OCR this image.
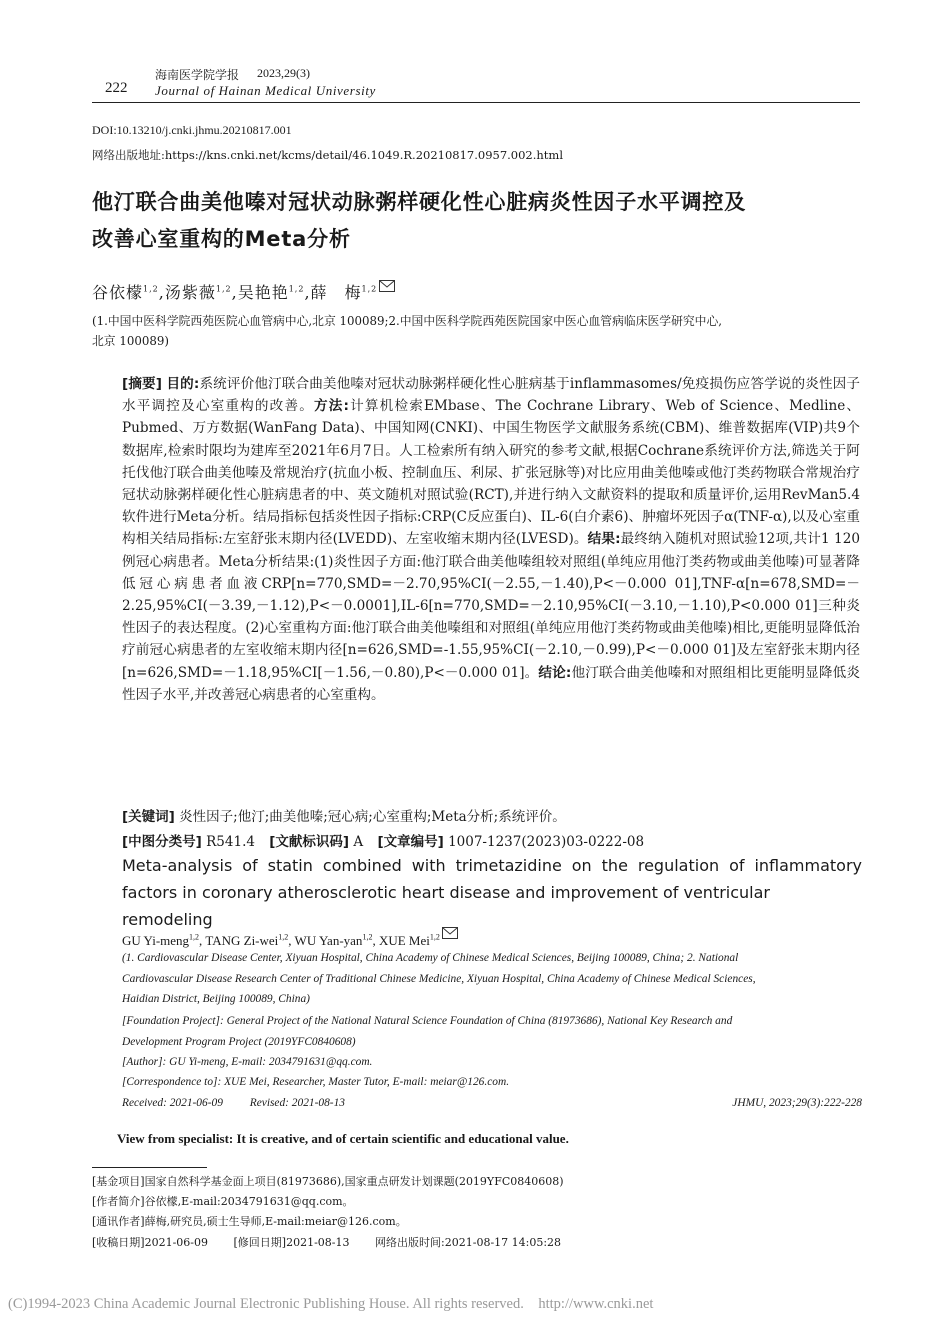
222
海南医学院学报 2023,29(3)
Journal of Hainan Medical University
DOI:10.13210/j.cnki.jhmu.20210817.001
网络出版地址:https://kns.cnki.net/kcms/detail/46.1049.R.20210817.0957.002.html
他汀联合曲美他嗪对冠状动脉粥样硬化性心脏病炎性因子水平调控及
改善心室重构的Meta分析
谷依檬$^{1,2}$,汤紫薇$^{1,2}$,吴艳艳$^{1,2}$,薛　梅$^{1,2}$
(1.中国中医科学院西苑医院心血管病中心,北京 100089;2.中国中医科学院西苑医院国家中医心血管病临床医学研究中心,
北京 100089)
[摘要] 目的:系统评价他汀联合曲美他嗪对冠状动脉粥样硬化性心脏病基于inflammasomes/免疫损伤应答学说的炎性因子水平调控及心室重构的改善。方法:计算机检索EMbase、The Cochrane Library、Web of Science、Medline、Pubmed、万方数据(WanFang Data)、中国知网(CNKI)、中国生物医学文献服务系统(CBM)、维普数据库(VIP)共9个数据库,检索时限均为建库至2021年6月7日。人工检索所有纳入研究的参考文献,根据Cochrane系统评价方法,筛选关于阿托伐他汀联合曲美他嗪及常规治疗(抗血小板、控制血压、利尿、扩张冠脉等)对比应用曲美他嗪或他汀类药物联合常规治疗冠状动脉粥样硬化性心脏病患者的中、英文随机对照试验(RCT),并进行纳入文献资料的提取和质量评价,运用RevMan5.4软件进行Meta分析。结局指标包括炎性因子指标:CRP(C反应蛋白)、IL-6(白介素6)、肿瘤坏死因子α(TNF-α),以及心室重构相关结局指标:左室舒张末期内径(LVEDD)、左室收缩末期内径(LVESD)。结果:最终纳入随机对照试验12项,共计1 120例冠心病患者。Meta分析结果:(1)炎性因子方面:他汀联合曲美他嗪组较对照组(单纯应用他汀类药物或曲美他嗪)可显著降低冠心病患者血液CRP[n=770,SMD=－2.70,95%CI(－2.55,－1.40),P<－0.000 01],TNF-α[n=678,SMD=－2.25,95%CI(－3.39,－1.12),P<－0.0001],IL-6[n=770,SMD=－2.10,95%CI(－3.10,－1.10),P<0.000 01]三种炎性因子的表达程度。(2)心室重构方面:他汀联合曲美他嗪组和对照组(单纯应用他汀类药物或曲美他嗪)相比,更能明显降低治疗前冠心病患者的左室收缩末期内径[n=626,SMD=-1.55,95%CI(－2.10,－0.99),P<－0.000 01]及左室舒张末期内径[n=626,SMD=－1.18,95%CI[－1.56,－0.80),P<－0.000 01]。结论:他汀联合曲美他嗪和对照组相比更能明显降低炎性因子水平,并改善冠心病患者的心室重构。
[关键词] 炎性因子;他汀;曲美他嗪;冠心病;心室重构;Meta分析;系统评价。
[中图分类号] R541.4 [文献标识码] A [文章编号] 1007-1237(2023)03-0222-08
Meta-analysis of statin combined with trimetazidine on the regulation of inflammatory
factors in coronary atherosclerotic heart disease and improvement of ventricular remodeling
GU Yi-meng$^{1,2}$, TANG Zi-wei$^{1,2}$, WU Yan-yan$^{1,2}$, XUE Mei$^{1,2}$
(1. Cardiovascular Disease Center, Xiyuan Hospital, China Academy of Chinese Medical Sciences, Beijing 100089, China; 2. National
Cardiovascular Disease Research Center of Traditional Chinese Medicine, Xiyuan Hospital, China Academy of Chinese Medical Sciences,
Haidian District, Beijing 100089, China)
[Foundation Project]: General Project of the National Natural Science Foundation of China (81973686), National Key Research and
Development Program Project (2019YFC0840608)
[Author]: GU Yi-meng, E-mail: 2034791631@qq.com.
[Correspondence to]: XUE Mei, Researcher, Master Tutor, E-mail: meiar@126.com.
Received: 2021-06-09 Revised: 2021-08-13	JHMU, 2023;29(3):222-228
View from specialist: It is creative, and of certain scientific and educational value.
[基金项目]国家自然科学基金面上项目(81973686),国家重点研发计划课题(2019YFC0840608)
[作者简介]谷依檬,E-mail:2034791631@qq.com。
[通讯作者]薛梅,研究员,硕士生导师,E-mail:meiar@126.com。
[收稿日期]2021-06-09 [修回日期]2021-08-13 网络出版时间:2021-08-17 14:05:28
(C)1994-2023 China Academic Journal Electronic Publishing House. All rights reserved.    http://www.cnki.net
